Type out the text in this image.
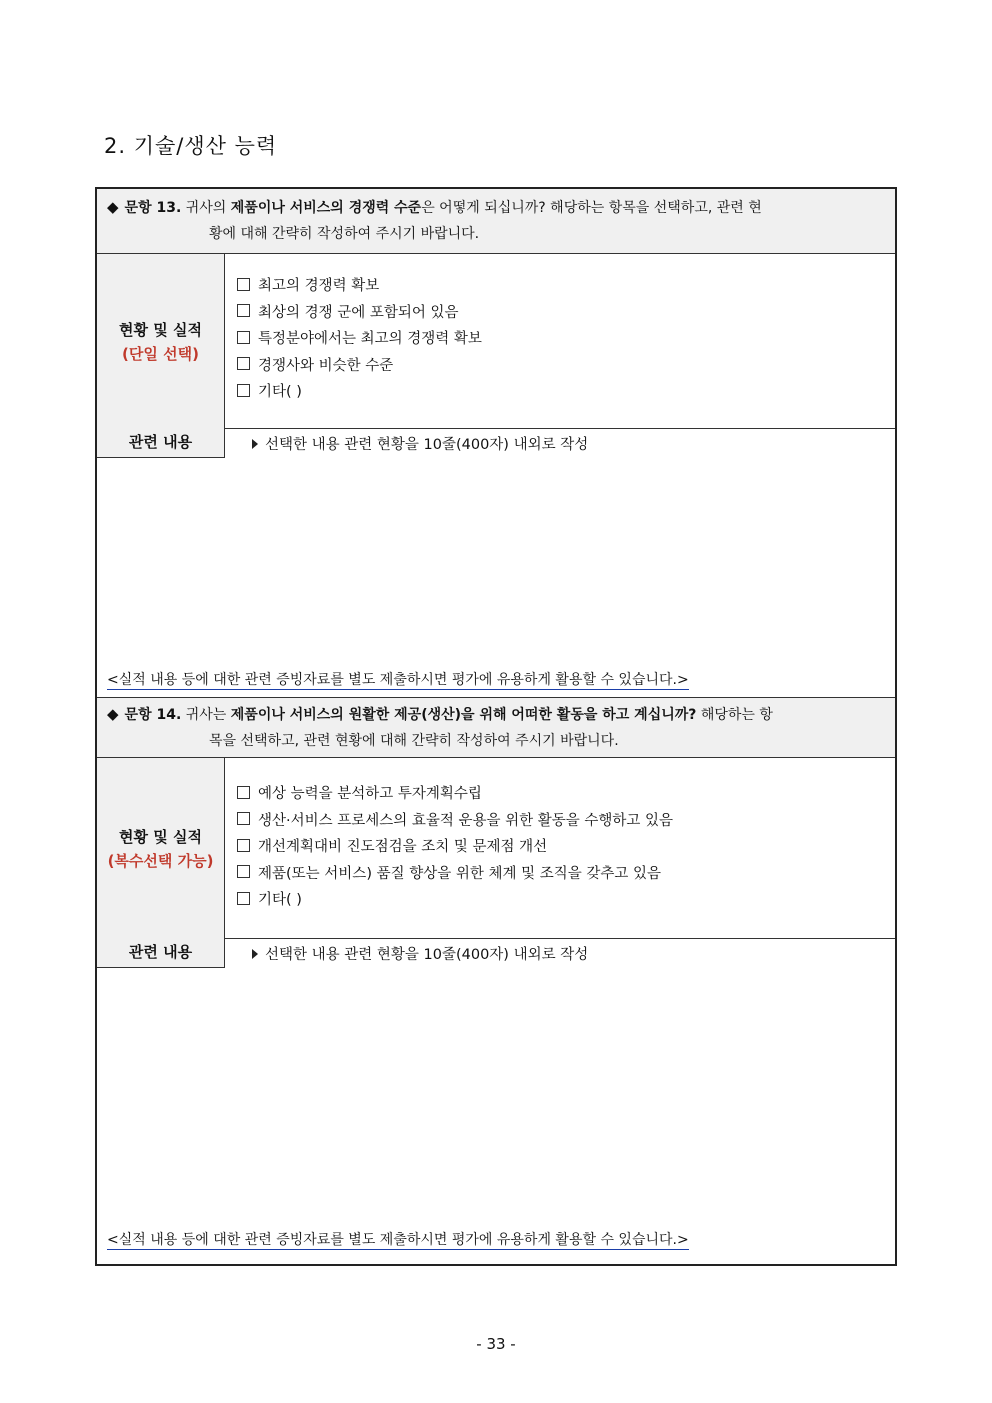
2. 기술/생산 능력
◆ 문항 13. 귀사의 제품이나 서비스의 경쟁력 수준은 어떻게 되십니까? 해당하는 항목을 선택하고, 관련 현
황에 대해 간략히 작성하여 주시기 바랍니다.
현황 및 실적
(단일 선택)
최고의 경쟁력 확보
최상의 경쟁 군에 포함되어 있음
특정분야에서는 최고의 경쟁력 확보
경쟁사와 비슷한 수준
기타( )
관련 내용	선택한 내용 관련 현황을 10줄(400자) 내외로 작성
<실적 내용 등에 대한 관련 증빙자료를 별도 제출하시면 평가에 유용하게 활용할 수 있습니다.>
◆ 문항 14. 귀사는 제품이나 서비스의 원활한 제공(생산)을 위해 어떠한 활동을 하고 계십니까? 해당하는 항
목을 선택하고, 관련 현황에 대해 간략히 작성하여 주시기 바랍니다.
현황 및 실적
(복수선택 가능)
예상 능력을 분석하고 투자계획수립
생산·서비스 프로세스의 효율적 운용을 위한 활동을 수행하고 있음
개선계획대비 진도점검을 조치 및 문제점 개선
제품(또는 서비스) 품질 향상을 위한 체계 및 조직을 갖추고 있음
기타( )
관련 내용	선택한 내용 관련 현황을 10줄(400자) 내외로 작성
<실적 내용 등에 대한 관련 증빙자료를 별도 제출하시면 평가에 유용하게 활용할 수 있습니다.>
- 33 -
